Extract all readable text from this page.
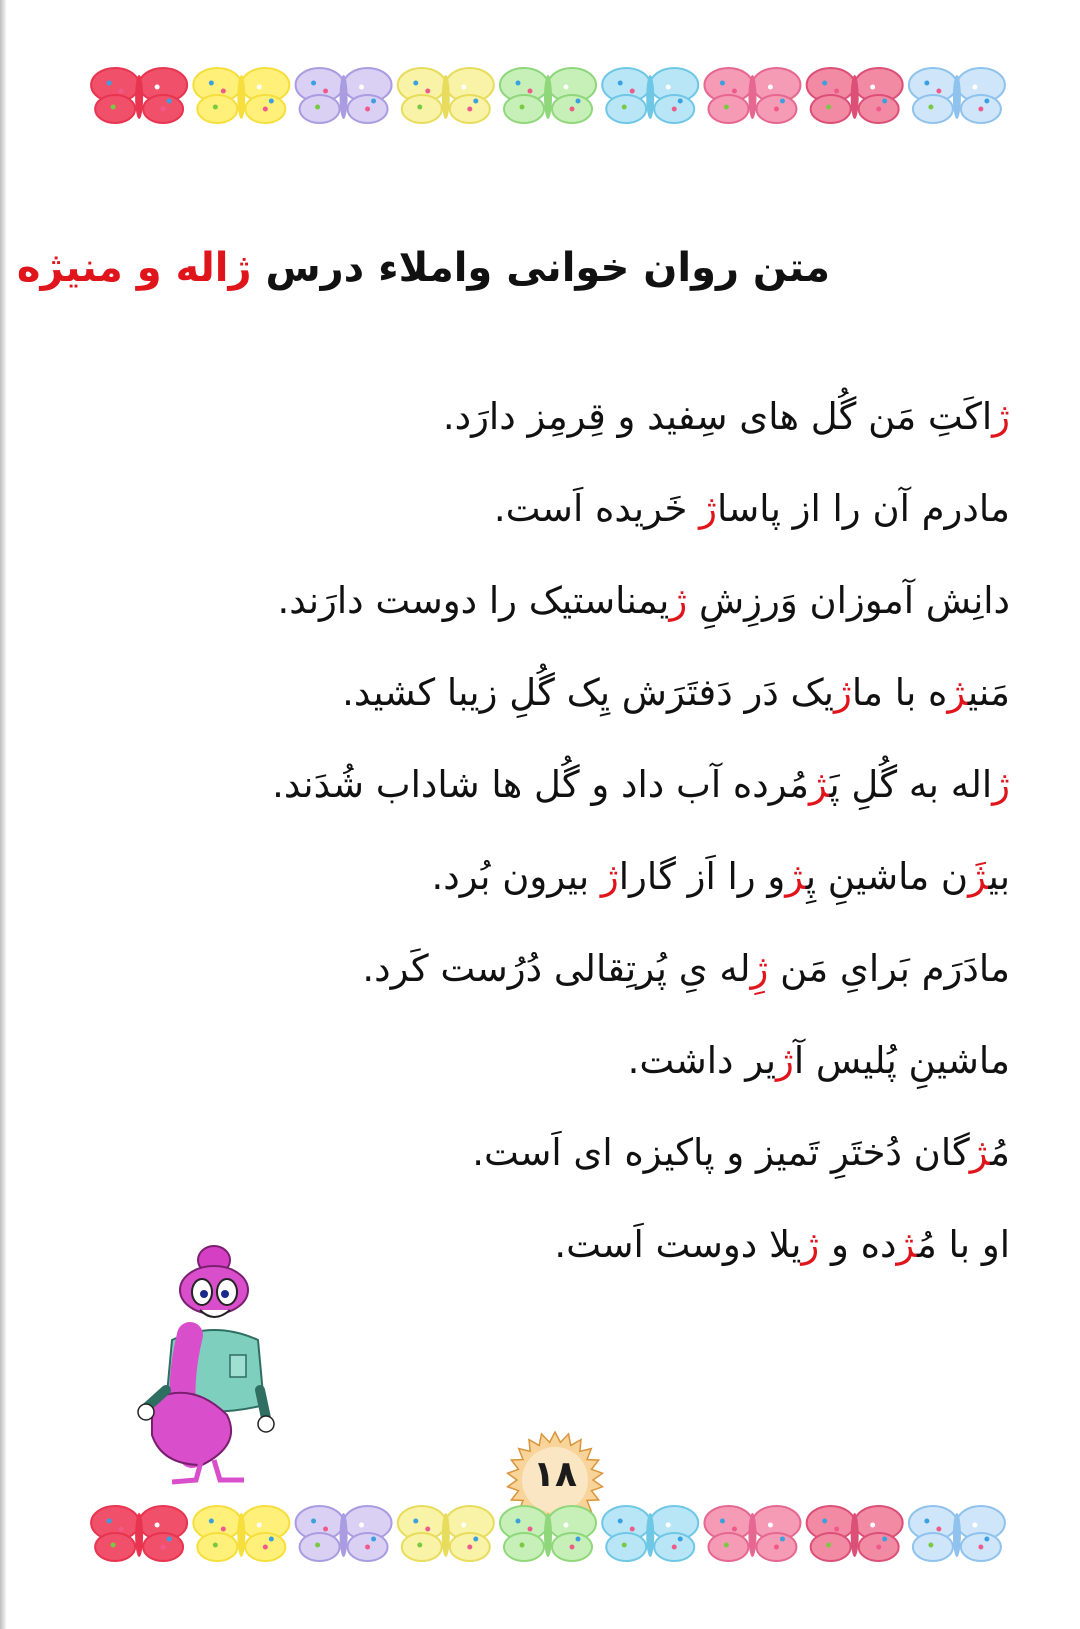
متن روان خوانی واملاء درس ژاله و منیژه

ژاکَتِ مَن گُل های سِفید و قِرمِز دارَد.

مادرم آن را از پاساژ خَریده اَست.

دانِش آموزان وَرزِشِ ژیمناستیک را دوست دارَند.

مَنیژه با ماژیک دَر دَفتَرَش یِک گُلِ زیبا کشید.

ژاله به گُلِ پَژمُرده آب داد و گُل ها شاداب شُدَند.

بیژَن ماشینِ پِژو را اَز گاراژ بیرون بُرد.

مادَرَم بَرایِ مَن ژِله یِ پُرتِقالی دُرُست کَرد.

ماشینِ پُلیس آژیر داشت.

مُژگان دُختَرِ تَمیز و پاکیزه ای اَست.

او با مُژده و ژیلا دوست اَست.

۱۸
